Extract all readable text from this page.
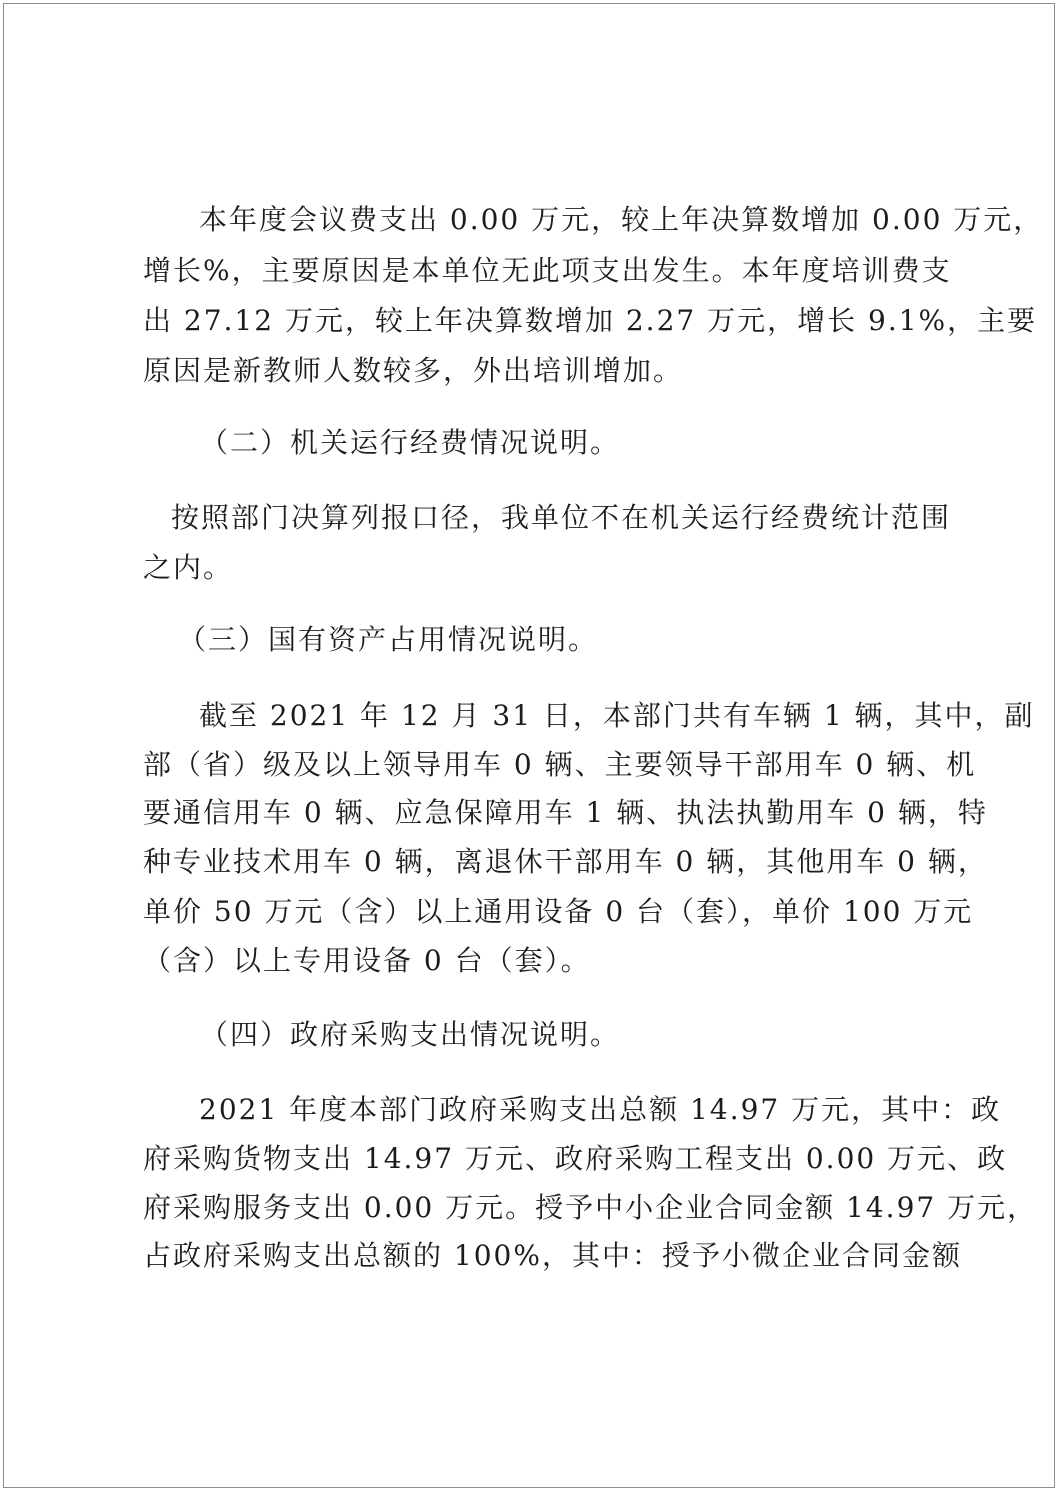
本年度会议费支出 0.00 万元，较上年决算数增加 0.00 万元，
增长%，主要原因是本单位无此项支出发生。本年度培训费支
出 27.12 万元，较上年决算数增加 2.27 万元，增长 9.1%，主要
原因是新教师人数较多，外出培训增加。
（二）机关运行经费情况说明。
按照部门决算列报口径，我单位不在机关运行经费统计范围
之内。
（三）国有资产占用情况说明。
截至 2021 年 12 月 31 日，本部门共有车辆 1 辆，其中，副
部（省）级及以上领导用车 0 辆、主要领导干部用车 0 辆、机
要通信用车 0 辆、应急保障用车 1 辆、执法执勤用车 0 辆，特
种专业技术用车 0 辆，离退休干部用车 0 辆，其他用车 0 辆，
单价 50 万元（含）以上通用设备 0 台（套），单价 100 万元
（含）以上专用设备 0 台（套）。
（四）政府采购支出情况说明。
2021 年度本部门政府采购支出总额 14.97 万元，其中：政
府采购货物支出 14.97 万元、政府采购工程支出 0.00 万元、政
府采购服务支出 0.00 万元。授予中小企业合同金额 14.97 万元，
占政府采购支出总额的 100%，其中：授予小微企业合同金额
